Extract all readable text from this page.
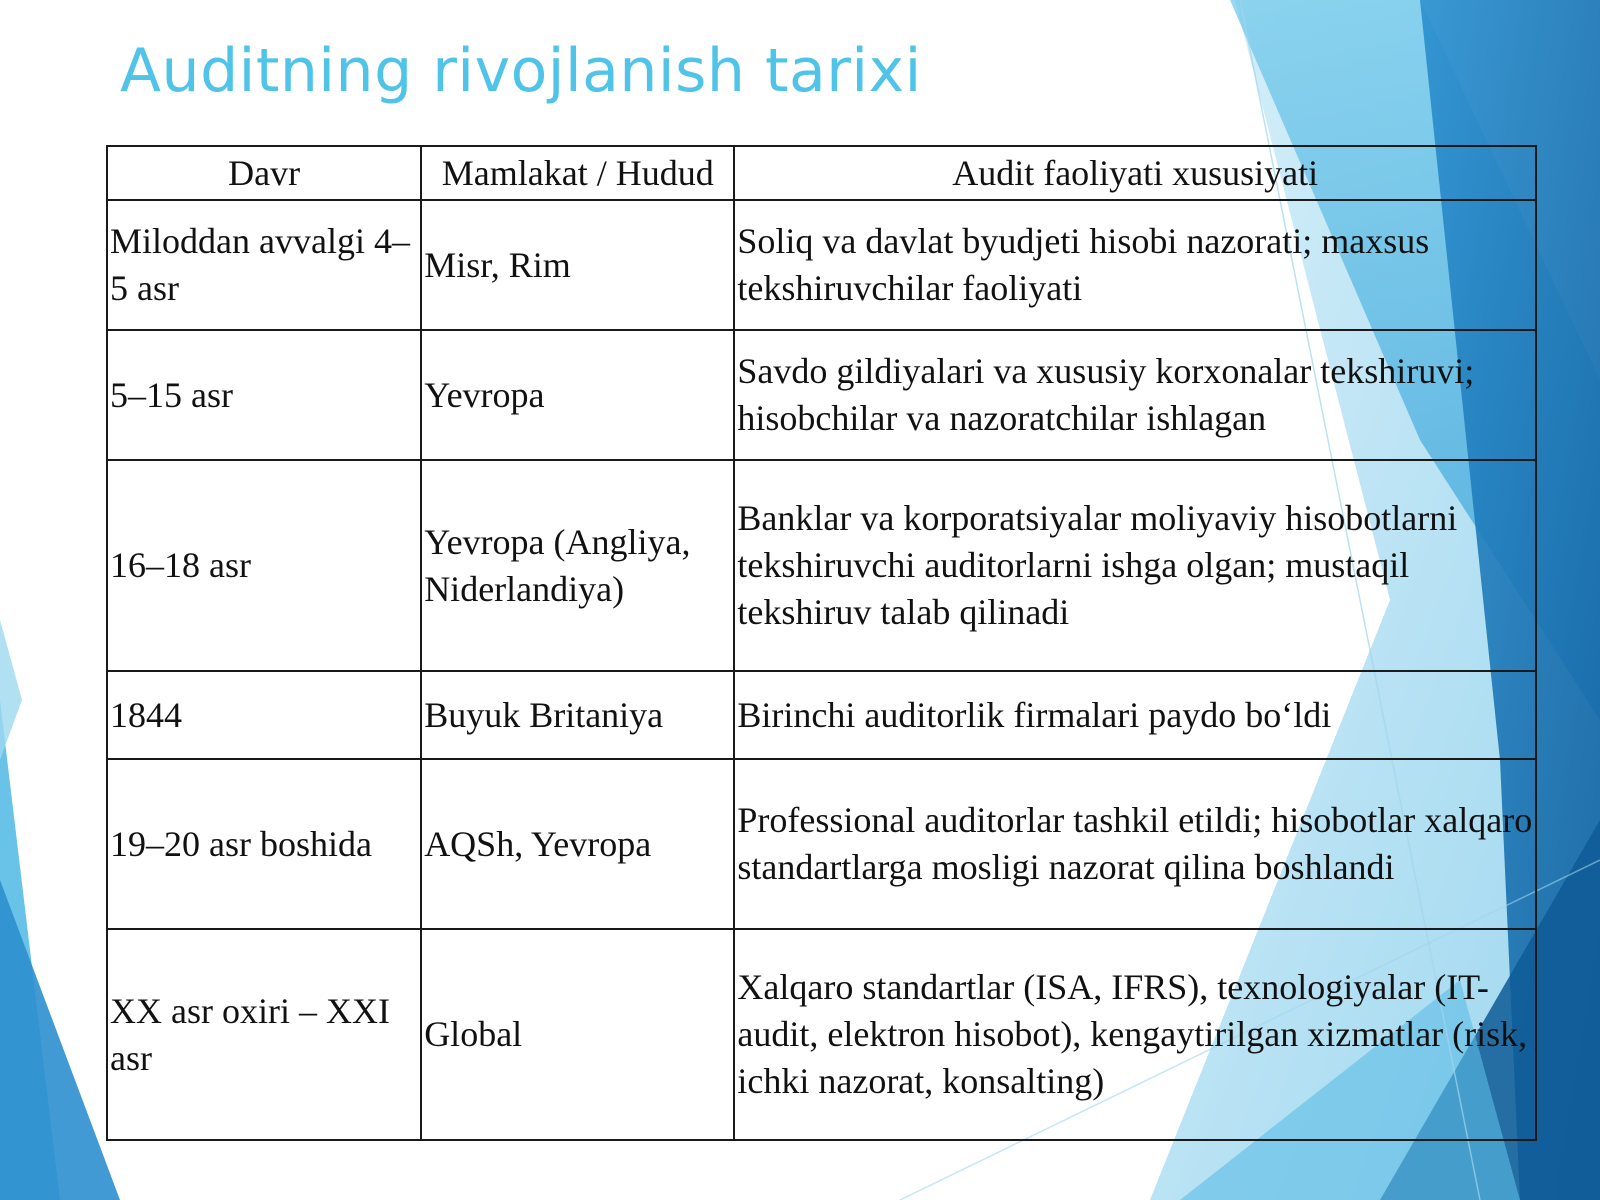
Auditning rivojlanish tarixi
Davr	Mamlakat / Hudud	Audit faoliyati xususiyati
Miloddan avvalgi 4–5 asr	Misr, Rim	Soliq va davlat byudjeti hisobi nazorati; maxsus tekshiruvchilar faoliyati
5–15 asr	Yevropa	Savdo gildiyalari va xususiy korxonalar tekshiruvi; hisobchilar va nazoratchilar ishlagan
16–18 asr	Yevropa (Angliya, Niderlandiya)	Banklar va korporatsiyalar moliyaviy hisobotlarni tekshiruvchi auditorlarni ishga olgan; mustaqil tekshiruv talab qilinadi
1844	Buyuk Britaniya	Birinchi auditorlik firmalari paydo bo‘ldi
19–20 asr boshida	AQSh, Yevropa	Professional auditorlar tashkil etildi; hisobotlar xalqaro standartlarga mosligi nazorat qilina boshlandi
XX asr oxiri – XXI asr	Global	Xalqaro standartlar (ISA, IFRS), texnologiyalar (IT-audit, elektron hisobot), kengaytirilgan xizmatlar (risk, ichki nazorat, konsalting)
